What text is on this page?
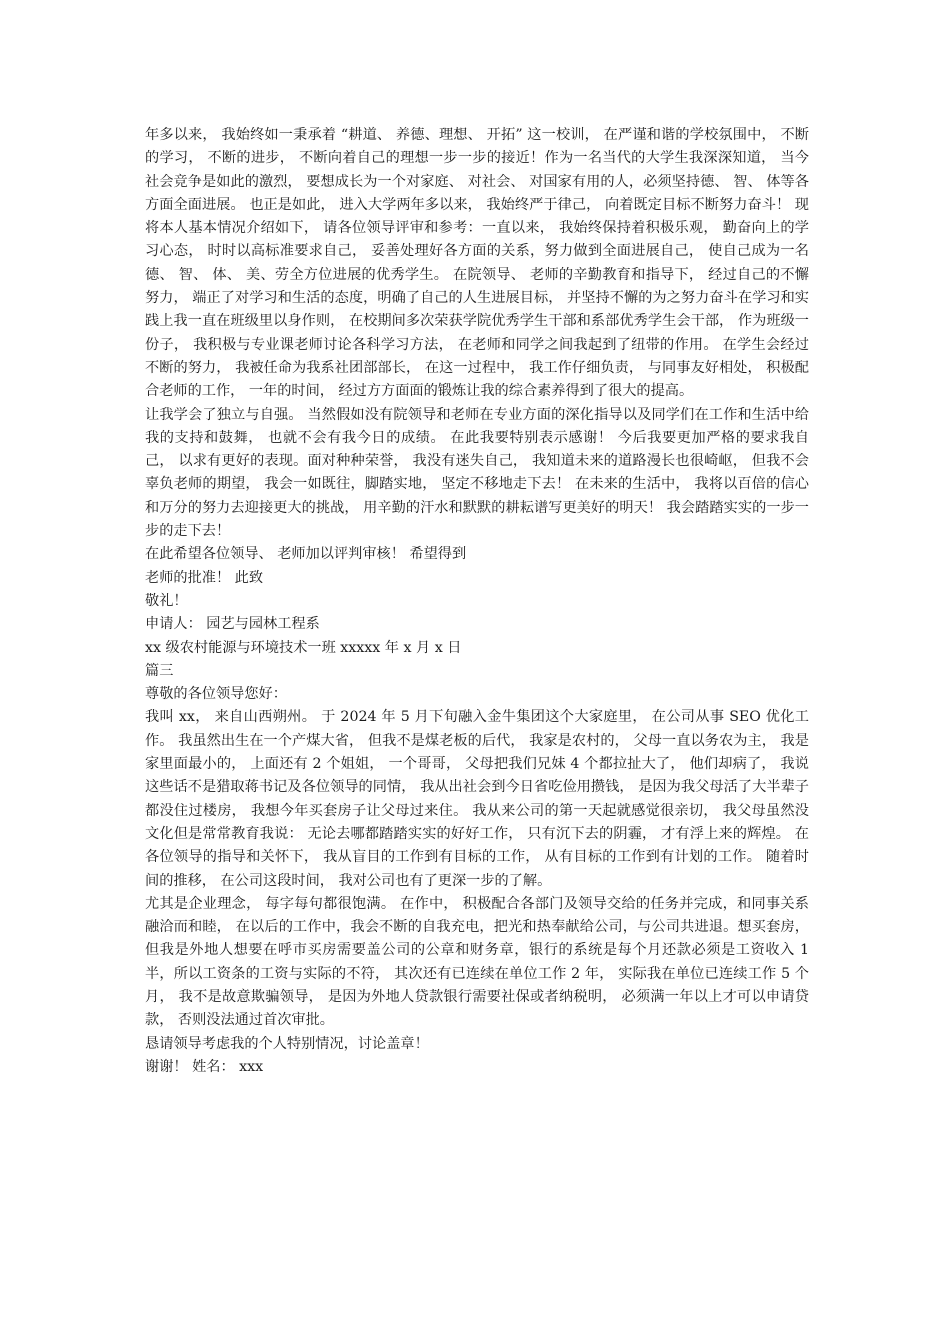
年多以来， 我始终如一秉承着 “耕道、 养德、理想、 开拓” 这一校训， 在严谨和谐的学校氛围中， 不断的学习， 不断的进步， 不断向着自己的理想一步一步的接近！作为一名当代的大学生我深深知道， 当今社会竞争是如此的激烈， 要想成长为一个对家庭、 对社会、 对国家有用的人，必须坚持德、 智、 体等各方面全面进展。 也正是如此， 进入大学两年多以来， 我始终严于律己， 向着既定目标不断努力奋斗！ 现将本人基本情况介绍如下， 请各位领导评审和参考：一直以来， 我始终保持着积极乐观， 勤奋向上的学习心态， 时时以高标准要求自己， 妥善处理好各方面的关系，努力做到全面进展自己， 使自己成为一名德、 智、 体、 美、劳全方位进展的优秀学生。 在院领导、 老师的辛勤教育和指导下， 经过自己的不懈努力， 端正了对学习和生活的态度，明确了自己的人生进展目标， 并坚持不懈的为之努力奋斗在学习和实践上我一直在班级里以身作则， 在校期间多次荣获学院优秀学生干部和系部优秀学生会干部， 作为班级一份子， 我积极与专业课老师讨论各科学习方法， 在老师和同学之间我起到了纽带的作用。 在学生会经过不断的努力， 我被任命为我系社团部部长， 在这一过程中， 我工作仔细负责， 与同事友好相处， 积极配合老师的工作， 一年的时间， 经过方方面面的锻炼让我的综合素养得到了很大的提高。

让我学会了独立与自强。 当然假如没有院领导和老师在专业方面的深化指导以及同学们在工作和生活中给我的支持和鼓舞， 也就不会有我今日的成绩。 在此我要特别表示感谢！ 今后我要更加严格的要求我自己， 以求有更好的表现。面对种种荣誉， 我没有迷失自己， 我知道未来的道路漫长也很崎岖， 但我不会辜负老师的期望， 我会一如既往，脚踏实地， 坚定不移地走下去！ 在未来的生活中， 我将以百倍的信心和万分的努力去迎接更大的挑战， 用辛勤的汗水和默默的耕耘谱写更美好的明天！ 我会踏踏实实的一步一步的走下去！

在此希望各位领导、 老师加以评判审核！ 希望得到

老师的批准！ 此致

敬礼！

申请人： 园艺与园林工程系

xx 级农村能源与环境技术一班 xxxxx 年 x 月 x 日

篇三

尊敬的各位领导您好：

我叫 xx， 来自山西朔州。 于 2024 年 5 月下旬融入金牛集团这个大家庭里， 在公司从事 SEO 优化工作。 我虽然出生在一个产煤大省， 但我不是煤老板的后代， 我家是农村的， 父母一直以务农为主， 我是家里面最小的， 上面还有 2 个姐姐， 一个哥哥， 父母把我们兄妹 4 个都拉扯大了， 他们却病了， 我说这些话不是猎取蒋书记及各位领导的同情， 我从出社会到今日省吃俭用攒钱， 是因为我父母活了大半辈子都没住过楼房， 我想今年买套房子让父母过来住。 我从来公司的第一天起就感觉很亲切， 我父母虽然没文化但是常常教育我说： 无论去哪都踏踏实实的好好工作， 只有沉下去的阴霾， 才有浮上来的辉煌。 在各位领导的指导和关怀下， 我从盲目的工作到有目标的工作， 从有目标的工作到有计划的工作。 随着时间的推移， 在公司这段时间， 我对公司也有了更深一步的了解。

尤其是企业理念， 每字每句都很饱满。 在作中， 积极配合各部门及领导交给的任务并完成，和同事关系融洽而和睦， 在以后的工作中，我会不断的自我充电，把光和热奉献给公司，与公司共进退。想买套房， 但我是外地人想要在呼市买房需要盖公司的公章和财务章，银行的系统是每个月还款必须是工资收入 1 半，所以工资条的工资与实际的不符， 其次还有已连续在单位工作 2 年， 实际我在单位已连续工作 5 个月， 我不是故意欺骗领导， 是因为外地人贷款银行需要社保或者纳税明， 必须满一年以上才可以申请贷款， 否则没法通过首次审批。

恳请领导考虑我的个人特别情况，讨论盖章！

谢谢！ 姓名： xxx
